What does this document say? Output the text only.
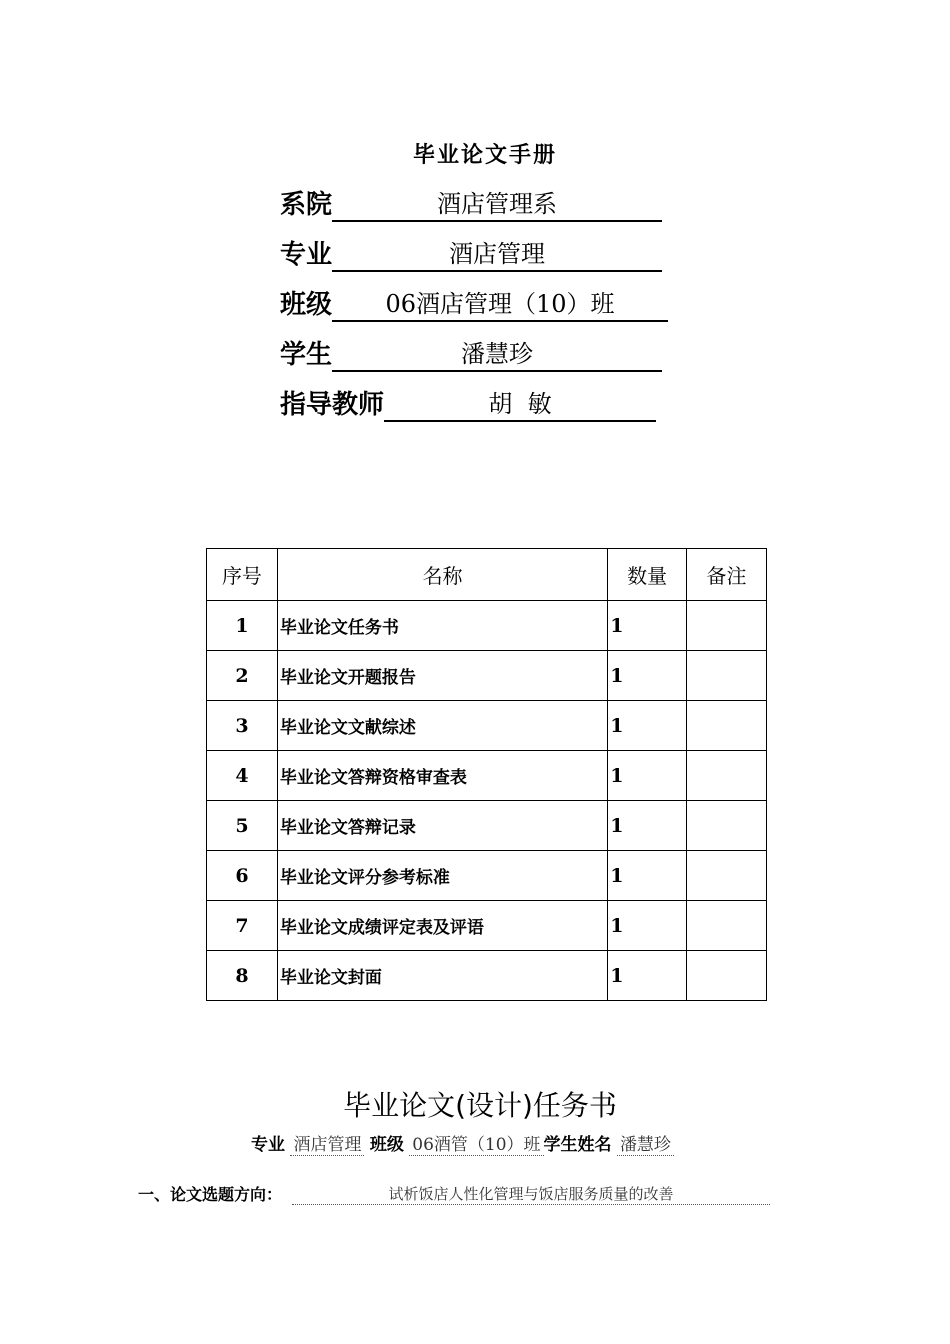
毕业论文手册
系院	酒店管理系
专业	酒店管理
班级	06酒店管理（10）班
学生	潘慧珍
指导教师	胡  敏
序号	名称	数量	备注
1	毕业论文任务书	1	
2	毕业论文开题报告	1	
3	毕业论文文献综述	1	
4	毕业论文答辩资格审查表	1	
5	毕业论文答辩记录	1	
6	毕业论文评分参考标准	1	
7	毕业论文成绩评定表及评语	1	
8	毕业论文封面	1	
毕业论文(设计)任务书
专业 酒店管理 班级 06酒管（10）班 学生姓名 潘慧珍
一、论文选题方向：	试析饭店人性化管理与饭店服务质量的改善
